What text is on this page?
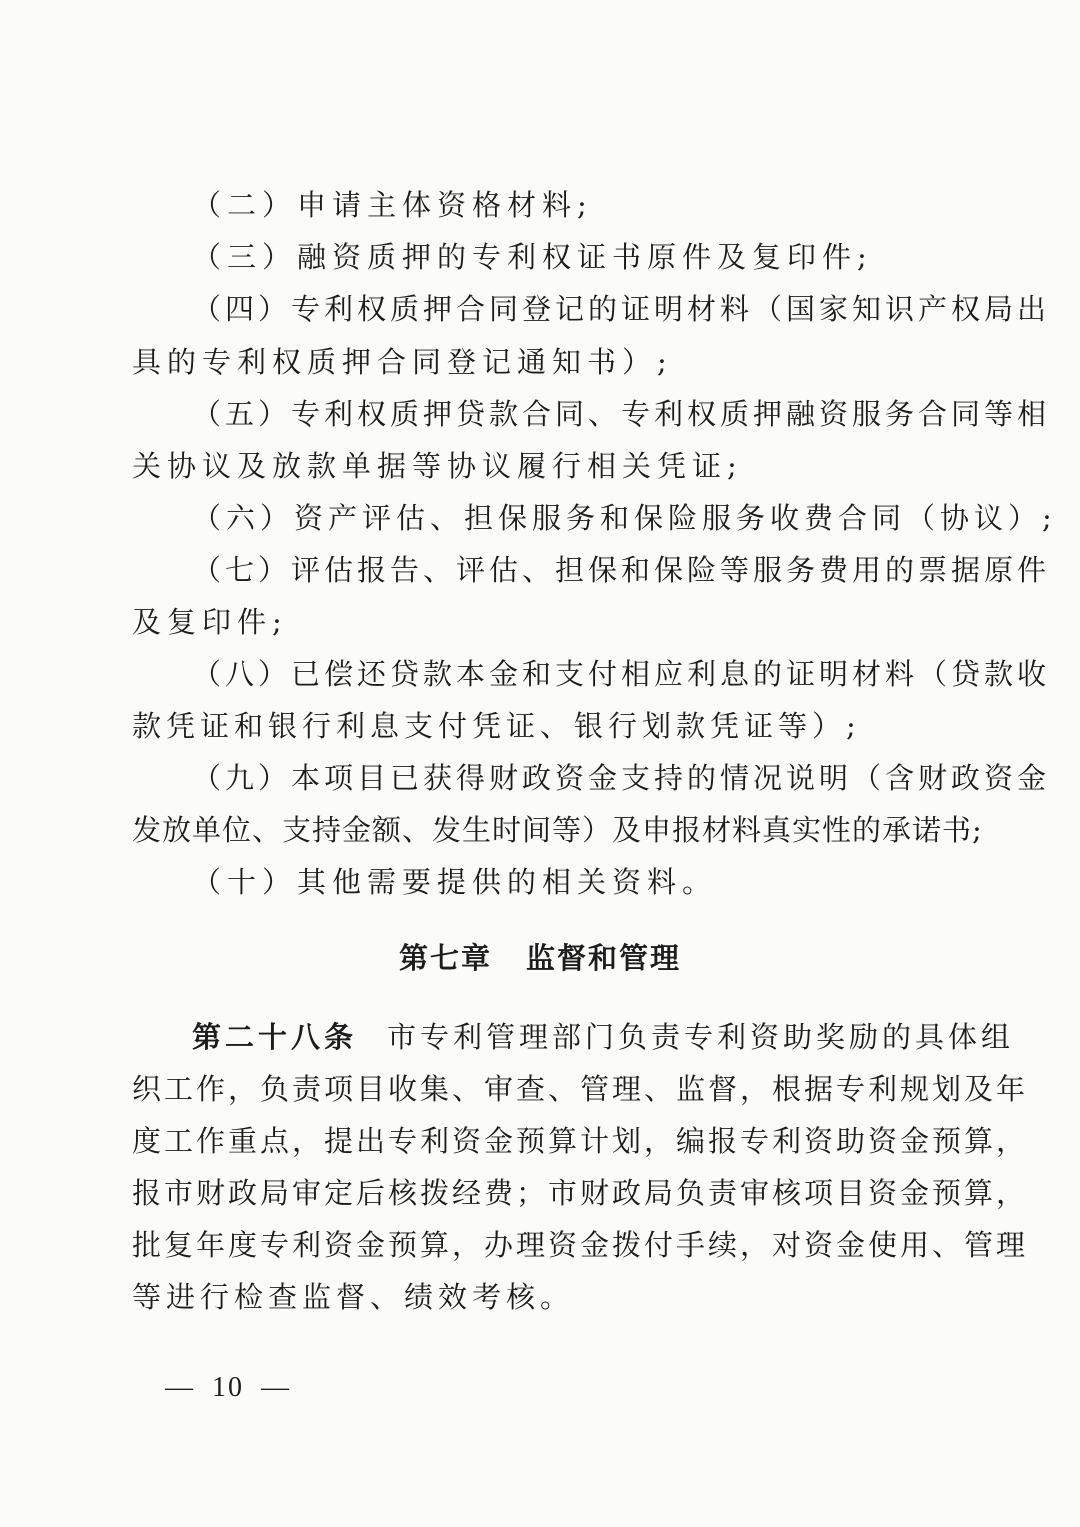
（二）申请主体资格材料;
（三）融资质押的专利权证书原件及复印件;
（四）专利权质押合同登记的证明材料（国家知识产权局出
具的专利权质押合同登记通知书）;
（五）专利权质押贷款合同、专利权质押融资服务合同等相
关协议及放款单据等协议履行相关凭证;
（六）资产评估、担保服务和保险服务收费合同（协议）;
（七）评估报告、评估、担保和保险等服务费用的票据原件
及复印件;
（八）已偿还贷款本金和支付相应利息的证明材料（贷款收
款凭证和银行利息支付凭证、银行划款凭证等）;
（九）本项目已获得财政资金支持的情况说明（含财政资金
发放单位、支持金额、发生时间等）及申报材料真实性的承诺书;
（十）其他需要提供的相关资料。
第七章 监督和管理
第二十八条 市专利管理部门负责专利资助奖励的具体组
织工作，负责项目收集、审查、管理、监督，根据专利规划及年
度工作重点，提出专利资金预算计划，编报专利资助资金预算，
报市财政局审定后核拨经费；市财政局负责审核项目资金预算，
批复年度专利资金预算，办理资金拨付手续，对资金使用、管理
等进行检查监督、绩效考核。
— 10 —
